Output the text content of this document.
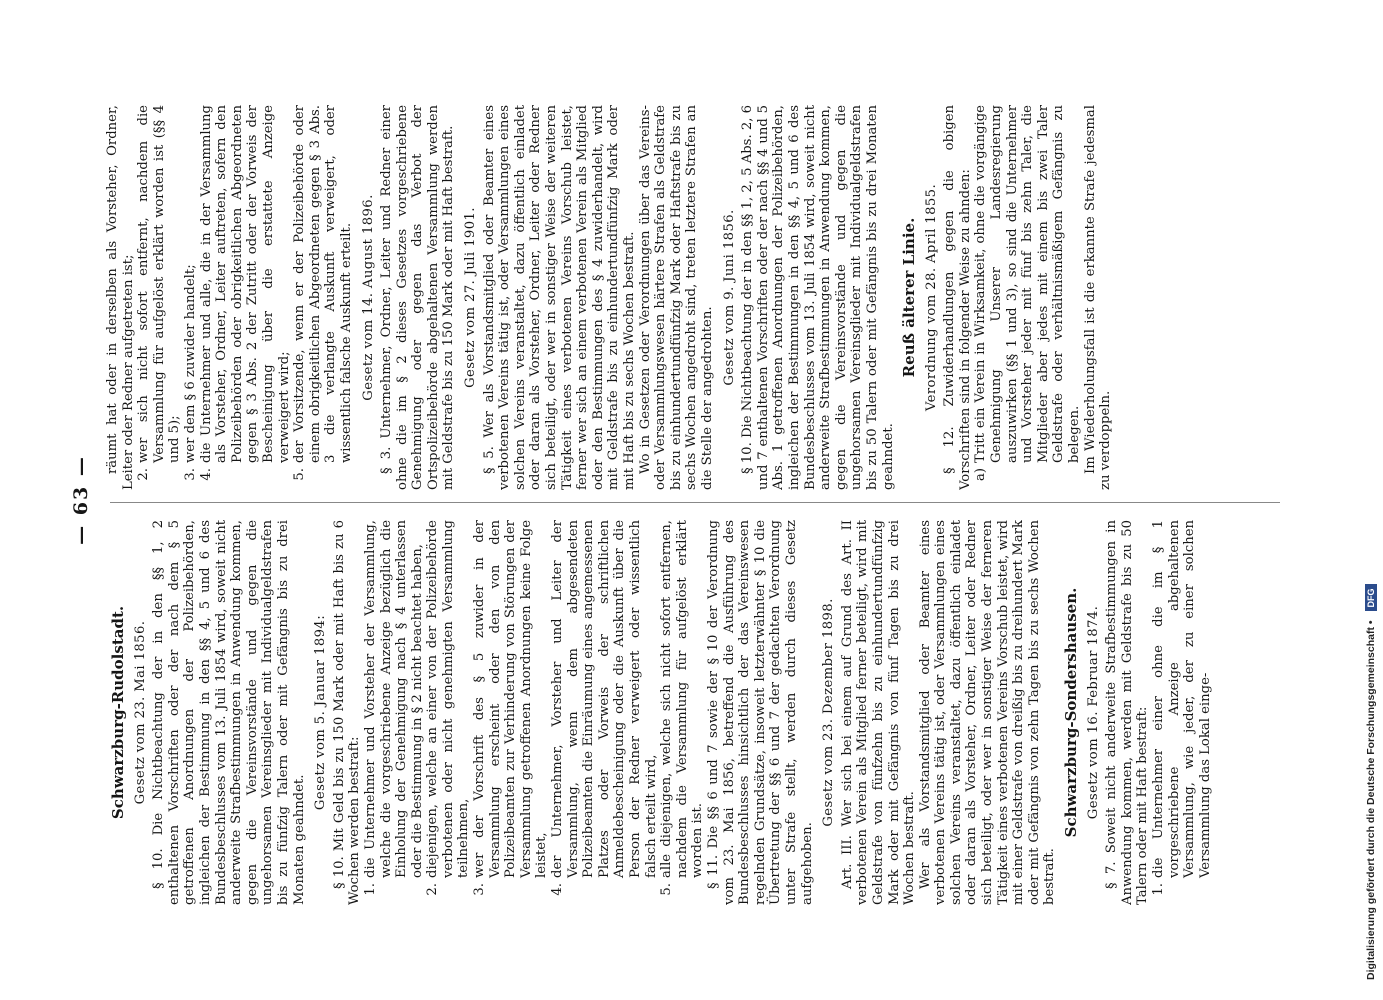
— 63 —
Schwarzburg-Rudolstadt. Gesetz vom 23. Mai 1856. § 10. Die Nichtbeachtung der in den §§ 1, 2 enthaltenen Vorschriften oder der nach dem § 5 getroffenen Anordnungen der Polizeibehörden, ingleichen der Bestimmung in den §§ 4, 5 und 6 des Bundesbeschlusses vom 13. Juli 1854 wird, soweit nicht anderweite Strafbestimmungen in Anwendung kommen, gegen die Vereinsvorstände und gegen die ungehorsamen Vereinsglieder mit Individualgeldstrafen bis zu fünfzig Talern oder mit Gefängnis bis zu drei Monaten geahndet.

Gesetz vom 5. Januar 1894: § 10. Mit Geld bis zu 150 Mark oder mit Haft bis zu 6 Wochen werden bestraft: 1.
die Unternehmer und Vorsteher der Versammlung, welche die vorgeschriebene Anzeige bezüglich die Einholung der Genehmigung nach § 4 unterlassen oder die Bestimmung in § 2 nicht beachtet haben,
2.
diejenigen, welche an einer von der Polizeibehörde verbotenen oder nicht genehmigten Versammlung teilnehmen,
3.
wer der Vorschrift des § 5 zuwider in der Versammlung erscheint oder den von den Polizeibeamten zur Verhinderung von Störungen der Versammlung getroffenen Anordnungen keine Folge leistet,
4.
der Unternehmer, Vorsteher und Leiter der Versammlung, wenn dem abgesendeten Polizeibeamten die Einräumung eines angemessenen Platzes oder Vorweis der schriftlichen Anmeldebescheinigung oder die Auskunft über die Person der Redner verweigert oder wissentlich falsch erteilt wird,
5.
alle diejenigen, welche sich nicht sofort entfernen, nachdem die Versammlung für aufgelöst erklärt worden ist. § 11. Die §§ 6 und 7 sowie der § 10 der Verordnung vom 23. Mai 1856, betreffend die Ausführung des Bundesbeschlusses hinsichtlich der das Vereinswesen regelnden Grundsätze, insoweit letzterwähnter § 10 die Übertretung der §§ 6 und 7 der gedachten Verordnung unter Strafe stellt, werden durch dieses Gesetz aufgehoben.

Gesetz vom 23. Dezember 1898. Art. III. Wer sich bei einem auf Grund des Art. II verbotenen Verein als Mitglied ferner beteiligt, wird mit Geldstrafe von fünfzehn bis zu einhundertundfünfzig Mark oder mit Gefängnis von fünf Tagen bis zu drei Wochen bestraft. Wer als Vorstandsmitglied oder Beamter eines verbotenen Vereins tätig ist, oder Versammlungen eines solchen Vereins veranstaltet, dazu öffentlich einladet oder daran als Vorsteher, Ordner, Leiter oder Redner sich beteiligt, oder wer in sonstiger Weise der ferneren Tätigkeit eines verbotenen Vereins Vorschub leistet, wird mit einer Geldstrafe von dreißig bis zu dreihundert Mark oder mit Gefängnis von zehn Tagen bis zu sechs Wochen bestraft.

Schwarzburg-Sondershausen. Gesetz vom 16. Februar 1874. § 7. Soweit nicht anderweite Strafbestimmungen in Anwendung kommen, werden mit Geldstrafe bis zu 50 Talern oder mit Haft bestraft: 1.
die Unternehmer einer ohne die im § 1 vorgeschriebene Anzeige abgehaltenen Versammlung, wie jeder, der zu einer solchen Versammlung das Lokal einge-

räumt hat oder in derselben als Vorsteher, Ordner, Leiter oder Redner aufgetreten ist; 2.
wer sich nicht sofort entfernt, nachdem die Versammlung für aufgelöst erklärt worden ist (§§ 4 und 5);
3.
wer dem § 6 zuwider handelt;
4.
die Unternehmer und alle, die in der Versammlung als Vorsteher, Ordner, Leiter auftreten, sofern den Polizeibehörden oder obrigkeitlichen Abgeordneten gegen § 3 Abs. 2 der Zutritt oder der Vorweis der Bescheinigung über die erstattete Anzeige verweigert wird;
5.
der Vorsitzende, wenn er der Polizeibehörde oder einem obrigkeitlichen Abgeordneten gegen § 3 Abs. 3 die verlangte Auskunft verweigert, oder wissentlich falsche Auskunft erteilt. Gesetz vom 14. August 1896. § 3. Unternehmer, Ordner, Leiter und Redner einer ohne die im § 2 dieses Gesetzes vorgeschriebene Genehmigung oder gegen das Verbot der Ortspolizeibehörde abgehaltenen Versammlung werden mit Geldstrafe bis zu 150 Mark oder mit Haft bestraft. Gesetz vom 27. Juli 1901. § 5. Wer als Vorstandsmitglied oder Beamter eines verbotenen Vereins tätig ist, oder Versammlungen eines solchen Vereins veranstaltet, dazu öffentlich einladet oder daran als Vorsteher, Ordner, Leiter oder Redner sich beteiligt, oder wer in sonstiger Weise der weiteren Tätigkeit eines verbotenen Vereins Vorschub leistet, ferner wer sich an einem verbotenen Verein als Mitglied oder den Bestimmungen des § 4 zuwiderhandelt, wird mit Geldstrafe bis zu einhundertundfünfzig Mark oder mit Haft bis zu sechs Wochen bestraft. Wo in Gesetzen oder Verordnungen über das Vereins- oder Versammlungswesen härtere Strafen als Geldstrafe bis zu einhundertundfünfzig Mark oder Haftstrafe bis zu sechs Wochen angedroht sind, treten letztere Strafen an die Stelle der angedrohten.

Gesetz vom 9. Juni 1856. § 10. Die Nichtbeachtung der in den §§ 1, 2, 5 Abs. 2, 6 und 7 enthaltenen Vorschriften oder der nach §§ 4 und 5 Abs. 1 getroffenen Anordnungen der Polizeibehörden, ingleichen der Bestimmungen in den §§ 4, 5 und 6 des Bundesbeschlusses vom 13. Juli 1854 wird, soweit nicht anderweite Strafbestimmungen in Anwendung kommen, gegen die Vereinsvorstände und gegen die ungehorsamen Vereinsglieder mit Individualgeldstrafen bis zu 50 Talern oder mit Gefängnis bis zu drei Monaten geahndet.

Reuß älterer Linie. Verordnung vom 28. April 1855. § 12. Zuwiderhandlungen gegen die obigen Vorschriften sind in folgender Weise zu ahnden: a)
Tritt ein Verein in Wirksamkeit, ohne die vorgängige Genehmigung Unserer Landesregierung auszuwirken (§§ 1 und 3), so sind die Unternehmer und Vorsteher jeder mit fünf bis zehn Taler, die Mitglieder aber jedes mit einem bis zwei Taler Geldstrafe oder verhältnismäßigem Gefängnis zu belegen. Im Wiederholungsfall ist die erkannte Strafe jedesmal zu verdoppeln.

Digitalisierung gefördert durch die Deutsche Forschungsgemeinschaft • DFG
